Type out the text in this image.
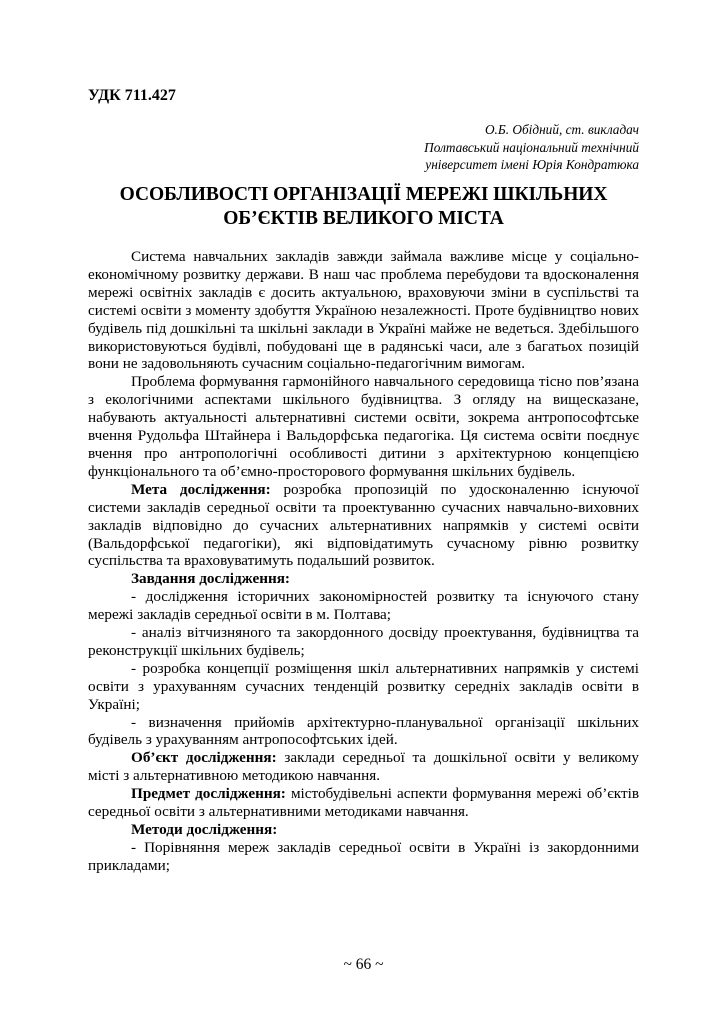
УДК 711.427
О.Б. Обідний, ст. викладач
Полтавський національний технічний
університет імені Юрія Кондратюка
ОСОБЛИВОСТІ ОРГАНІЗАЦІЇ МЕРЕЖІ ШКІЛЬНИХ
ОБ’ЄКТІВ ВЕЛИКОГО МІСТА

Система навчальних закладів завжди займала важливе місце у соціально-економічному розвитку держави. В наш час проблема перебудови та вдосконалення мережі освітніх закладів є досить актуальною, враховуючи зміни в суспільстві та системі освіти з моменту здобуття Україною незалежності. Проте будівництво нових будівель під дошкільні та шкільні заклади в Україні майже не ведеться. Здебільшого використовуються будівлі, побудовані ще в радянські часи, але з багатьох позицій вони не задовольняють сучасним соціально-педагогічним вимогам.

Проблема формування гармонійного навчального середовища тісно пов’язана з екологічними аспектами шкільного будівництва. З огляду на вищесказане, набувають актуальності альтернативні системи освіти, зокрема антропософтське вчення Рудольфа Штайнера і Вальдорфська педагогіка. Ця система освіти поєднує вчення про антропологічні особливості дитини з архітектурною концепцією функціонального та об’ємно-просторового формування шкільних будівель.

Мета дослідження: розробка пропозицій по удосконаленню існуючої системи закладів середньої освіти та проектуванню сучасних навчально-виховних закладів відповідно до сучасних альтернативних напрямків у системі освіти (Вальдорфської педагогіки), які відповідатимуть сучасному рівню розвитку суспільства та враховуватимуть подальший розвиток.

Завдання дослідження:

- дослідження історичних закономірностей розвитку та існуючого стану мережі закладів середньої освіти в м. Полтава;

- аналіз вітчизняного та закордонного досвіду проектування, будівництва та реконструкції шкільних будівель;

- розробка концепції розміщення шкіл альтернативних напрямків у системі освіти з урахуванням сучасних тенденцій розвитку середніх закладів освіти в Україні;

- визначення прийомів архітектурно-планувальної організації шкільних будівель з урахуванням антропософтських ідей.

Об’єкт дослідження: заклади середньої та дошкільної освіти у великому місті з альтернативною методикою навчання.

Предмет дослідження: містобудівельні аспекти формування мережі об’єктів середньої освіти з альтернативними методиками навчання.

Методи дослідження:

- Порівняння мереж закладів середньої освіти в Україні із закордонними прикладами;

~ 66 ~
